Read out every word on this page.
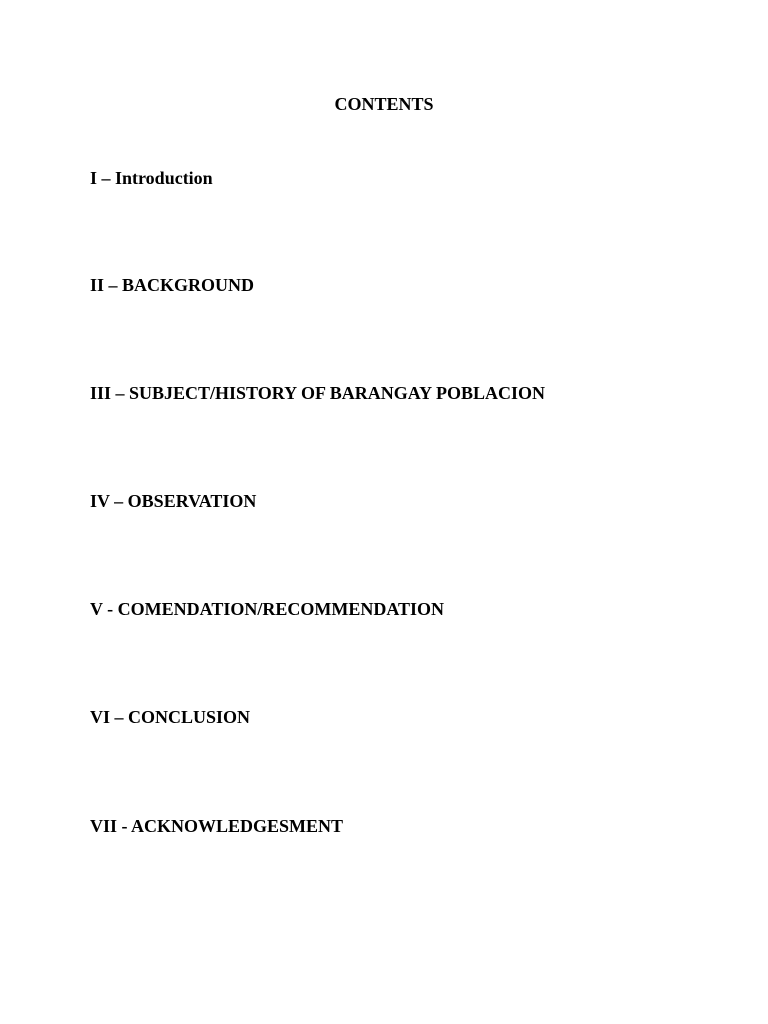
CONTENTS
I – Introduction
II – BACKGROUND
III – SUBJECT/HISTORY OF BARANGAY POBLACION
IV – OBSERVATION
V - COMENDATION/RECOMMENDATION
VI – CONCLUSION
VII - ACKNOWLEDGESMENT
